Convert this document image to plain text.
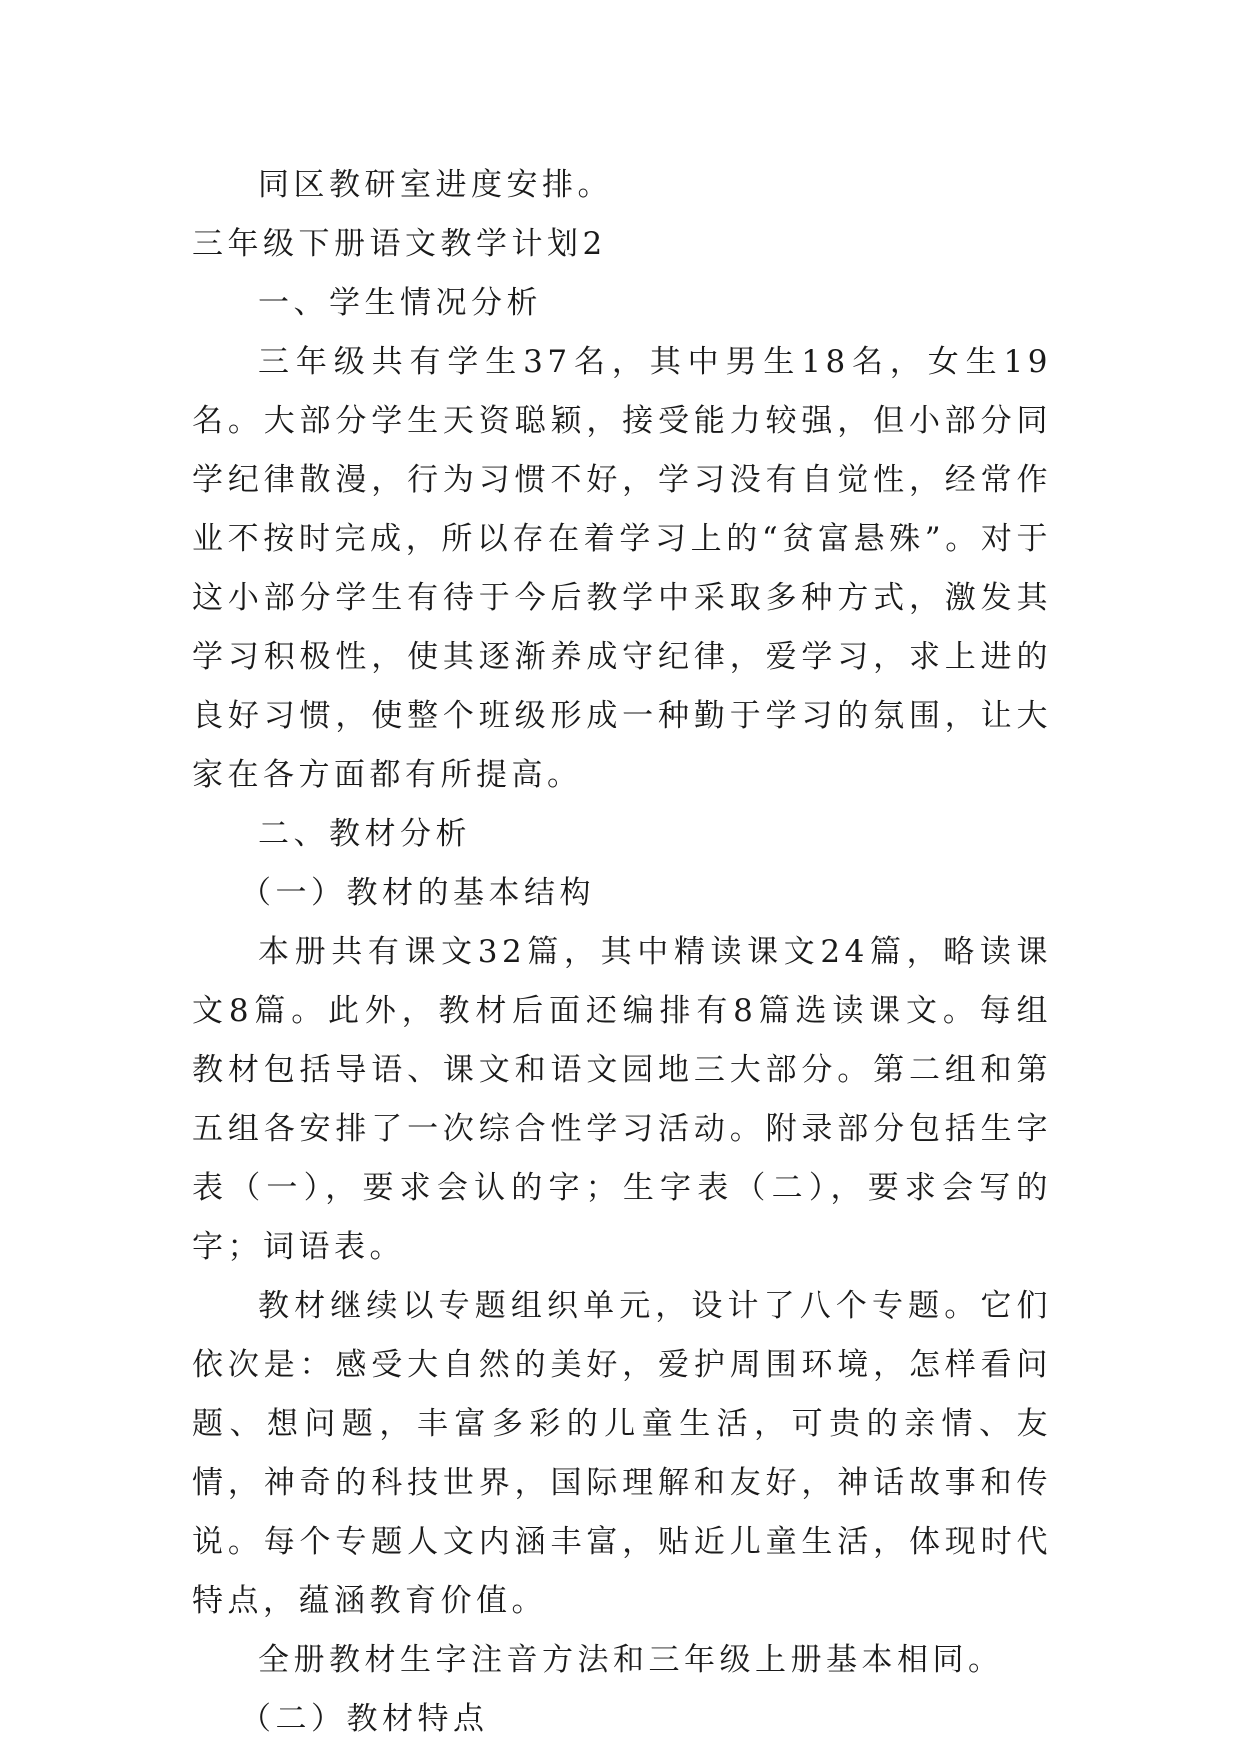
同区教研室进度安排。

三年级下册语文教学计划2

一、学生情况分析

三年级共有学生37名，其中男生18名，女生19名。大部分学生天资聪颖，接受能力较强，但小部分同学纪律散漫，行为习惯不好，学习没有自觉性，经常作业不按时完成，所以存在着学习上的“贫富悬殊”。对于这小部分学生有待于今后教学中采取多种方式，激发其学习积极性，使其逐渐养成守纪律，爱学习，求上进的良好习惯，使整个班级形成一种勤于学习的氛围，让大家在各方面都有所提高。

二、教材分析

（一）教材的基本结构

本册共有课文32篇，其中精读课文24篇，略读课文8篇。此外，教材后面还编排有8篇选读课文。每组教材包括导语、课文和语文园地三大部分。第二组和第五组各安排了一次综合性学习活动。附录部分包括生字表（一），要求会认的字；生字表（二），要求会写的字；词语表。

教材继续以专题组织单元，设计了八个专题。它们依次是：感受大自然的美好，爱护周围环境，怎样看问题、想问题，丰富多彩的儿童生活，可贵的亲情、友情，神奇的科技世界，国际理解和友好，神话故事和传说。每个专题人文内涵丰富，贴近儿童生活，体现时代特点，蕴涵教育价值。

全册教材生字注音方法和三年级上册基本相同。

（二）教材特点
